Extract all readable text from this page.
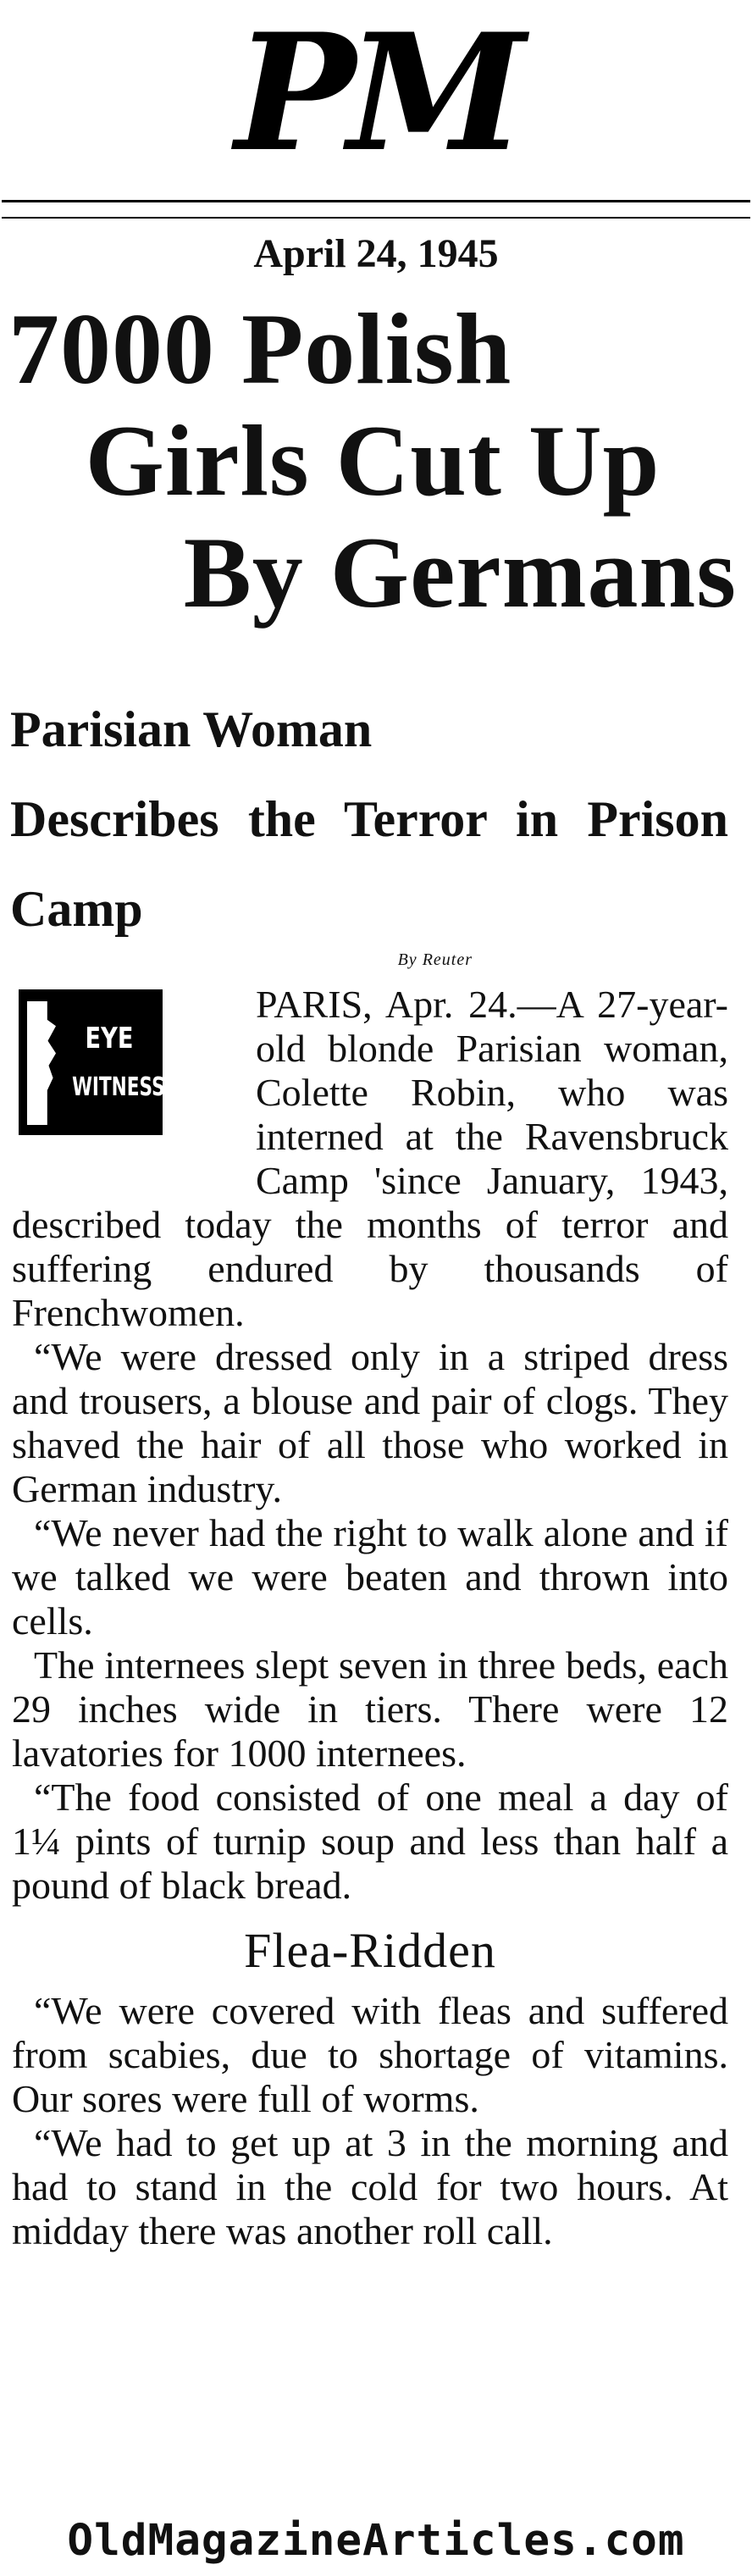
PM
April 24, 1945
7000 Polish
Girls Cut Up
By Germans
Parisian Woman
Describes the Terror in Prison Camp
By Reuter
EYE
WITNESS

PARIS, Apr. 24.—A 27-year-old blonde Parisian woman, Colette Robin, who was interned at the Ravensbruck Camp 'since January, 1943, described today the months of terror and suffering endured by thousands of Frenchwomen.

“We were dressed only in a striped dress and trousers, a blouse and pair of clogs. They shaved the hair of all those who worked in German industry.

“We never had the right to walk alone and if we talked we were beaten and thrown into cells.

The internees slept seven in three beds, each 29 inches wide in tiers. There were 12 lavatories for 1000 internees.

“The food consisted of one meal a day of 1¼ pints of turnip soup and less than half a pound of black bread.

Flea-Ridden

“We were covered with fleas and suffered from scabies, due to shortage of vitamins. Our sores were full of worms.

“We had to get up at 3 in the morning and had to stand in the cold for two hours. At midday there was another roll call.

OldMagazineArticles.com
